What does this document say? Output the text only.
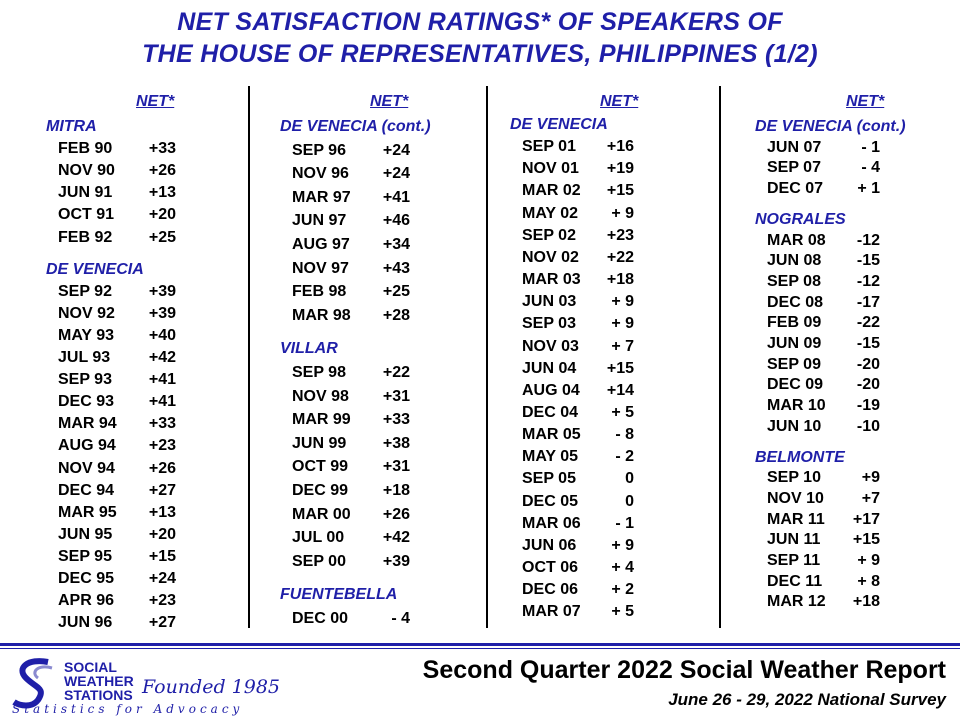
NET SATISFACTION RATINGS* OF SPEAKERS OF
THE HOUSE OF REPRESENTATIVES, PHILIPPINES (1/2)
NET*
MITRA
FEB 90	+33
NOV 90	+26
JUN 91	+13
OCT 91	+20
FEB 92	+25
DE VENECIA
SEP 92	+39
NOV 92	+39
MAY 93	+40
JUL 93	+42
SEP 93	+41
DEC 93	+41
MAR 94	+33
AUG 94	+23
NOV 94	+26
DEC 94	+27
MAR 95	+13
JUN 95	+20
SEP 95	+15
DEC 95	+24
APR 96	+23
JUN 96	+27
NET*
DE VENECIA (cont.)
SEP 96	+24
NOV 96	+24
MAR 97	+41
JUN 97	+46
AUG 97	+34
NOV 97	+43
FEB 98	+25
MAR 98	+28
VILLAR
SEP 98	+22
NOV 98	+31
MAR 99	+33
JUN 99	+38
OCT 99	+31
DEC 99	+18
MAR 00	+26
JUL 00	+42
SEP 00	+39
FUENTEBELLA
DEC 00	- 4
NET*
DE VENECIA
SEP 01	+16
NOV 01	+19
MAR 02	+15
MAY 02	+ 9
SEP 02	+23
NOV 02	+22
MAR 03	+18
JUN 03	+ 9
SEP 03	+ 9
NOV 03	+ 7
JUN 04	+15
AUG 04	+14
DEC 04	+ 5
MAR 05	- 8
MAY 05	- 2
SEP 05	0
DEC 05	0
MAR 06	- 1
JUN 06	+ 9
OCT 06	+ 4
DEC 06	+ 2
MAR 07	+ 5
NET*
DE VENECIA (cont.)
JUN 07	- 1
SEP 07	- 4
DEC 07	+ 1
NOGRALES
MAR 08	-12
JUN 08	-15
SEP 08	-12
DEC 08	-17
FEB 09	-22
JUN 09	-15
SEP 09	-20
DEC 09	-20
MAR 10	-19
JUN 10	-10
BELMONTE
SEP 10	+9
NOV 10	+7
MAR 11	+17
JUN 11	+15
SEP 11	+ 9
DEC 11	+ 8
MAR 12	+18
SOCIAL
WEATHER
STATIONS Founded 1985
Statistics for Advocacy
Second Quarter 2022 Social Weather Report
June 26 - 29, 2022 National Survey
